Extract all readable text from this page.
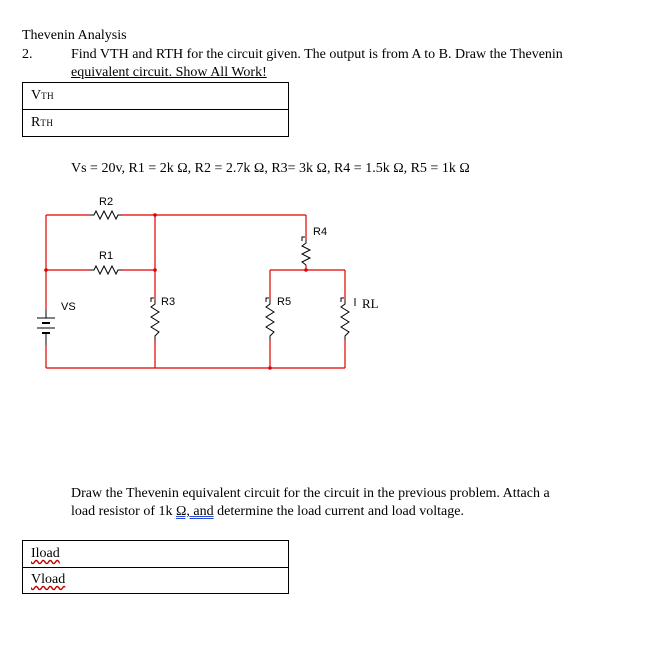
Thevenin Analysis
2.	Find VTH and RTH for the circuit given. The output is from A to B. Draw the Thevenin
equivalent circuit. Show All Work!
VTH
RTH
Vs = 20v, R1 = 2k Ω, R2 = 2.7k Ω, R3= 3k Ω, R4 = 1.5k Ω, R5 = 1k Ω
R2
R1
R3
R4
R5
VS	RL
Draw the Thevenin equivalent circuit for the circuit in the previous problem. Attach a
load resistor of 1k Ω, and determine the load current and load voltage.
Iload
Vload
